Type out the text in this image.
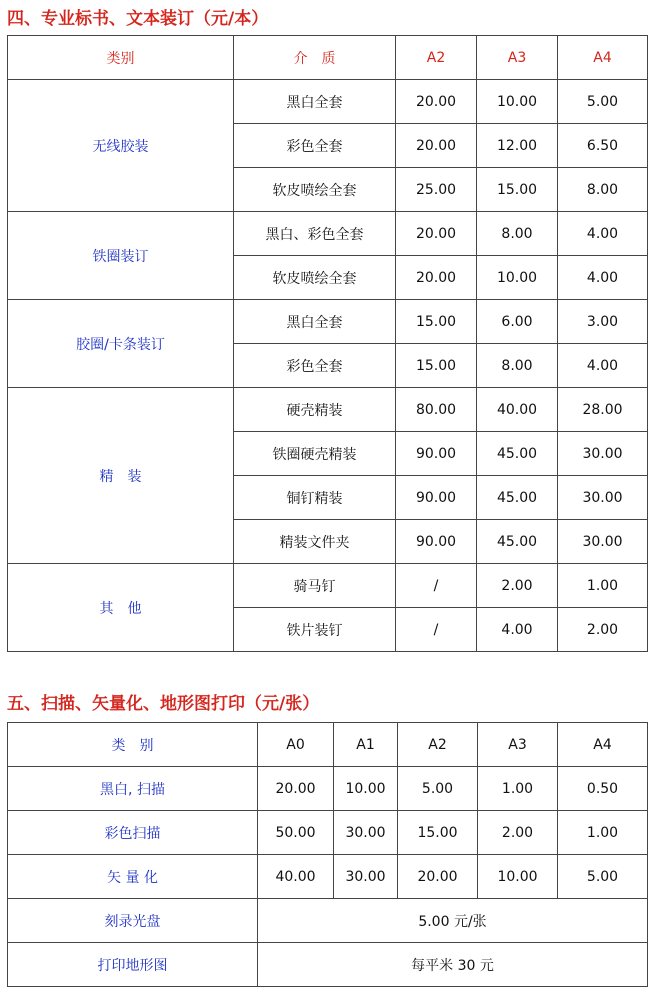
四、专业标书、文本装订（元/本）
类别	介　质	A2	A3	A4
无线胶装	黑白全套	20.00	10.00	5.00
	彩色全套	20.00	12.00	6.50
	软皮喷绘全套	25.00	15.00	8.00
铁圈装订	黑白、彩色全套	20.00	8.00	4.00
	软皮喷绘全套	20.00	10.00	4.00
胶圈/卡条装订	黑白全套	15.00	6.00	3.00
	彩色全套	15.00	8.00	4.00
精　装	硬壳精装	80.00	40.00	28.00
	铁圈硬壳精装	90.00	45.00	30.00
	铜钉精装	90.00	45.00	30.00
	精装文件夹	90.00	45.00	30.00
其　他	骑马钉	/	2.00	1.00
	铁片装钉	/	4.00	2.00
五、扫描、矢量化、地形图打印（元/张）
类　别	A0	A1	A2	A3	A4
黑白, 扫描	20.00	10.00	5.00	1.00	0.50
彩色扫描	50.00	30.00	15.00	2.00	1.00
矢 量 化	40.00	30.00	20.00	10.00	5.00
刻录光盘	5.00 元/张				
打印地形图	每平米 30 元				
